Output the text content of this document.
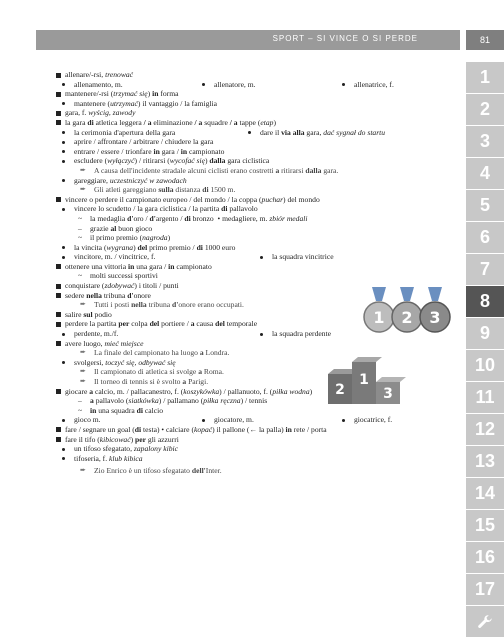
SPORT – SI VINCE O SI PERDE	81
1
2
3
4
5
6
7
8
9
10
11
12
13
14
15
16
17
allenare/-rsi, trenować
allenamento, m.	allenatore, m.	allenatrice, f.
mantenere/-rsi (trzymać się) in forma
mantenere (utrzymać) il vantaggio / la famiglia
gara, f. wyścig, zawody
la gara di atletica leggera / a eliminazione / a squadre / a tappe (etap)
la cerimonia d'apertura della gara	dare il via alla gara, dać sygnał do startu
aprire / affrontare / arbitrare / chiudere la gara
entrare / essere / trionfare in gara / in campionato
escludere (wyłączyć) / ritirarsi (wycofać się) dalla gara ciclistica
➨ A causa dell'incidente stradale alcuni ciclisti erano costretti a ritirarsi dalla gara.
gareggiare, uczestniczyć w zawodach
➨ Gli atleti gareggiano sulla distanza di 1500 m.
vincere o perdere il campionato europeo / del mondo / la coppa (puchar) del mondo
vincere lo scudetto / la gara ciclistica / la partita di pallavolo
~ la medaglia d'oro / d'argento / di bronzo  • medagliere, m. zbiór medali
– grazie al buon gioco
~ il primo premio (nagroda)
la vincita (wygrana) del primo premio / di 1000 euro
vincitore, m. / vincitrice, f.	la squadra vincitrice
ottenere una vittoria in una gara / in campionato
~ molti successi sportivi
conquistare (zdobywać) i titoli / punti
sedere nella tribuna d'onore
➨ Tutti i posti nella tribuna d'onore erano occupati.
salire sul podio
perdere la partita per colpa del portiere / a causa del temporale
perdente, m./f.	la squadra perdente
avere luogo, mieć miejsce
➨ La finale del campionato ha luogo a Londra.
svolgersi, toczyć się, odbywać się
➨ Il campionato di atletica si svolge a Roma.
➨ Il torneo di tennis si è svolto a Parigi.
giocare a calcio, m. / pallacanestro, f. (koszykówka) / pallanuoto, f. (piłka wodna)
– a pallavolo (siatkówka) / pallamano (piłka ręczna) / tennis
~ in una squadra di calcio
gioco m.	giocatore, m.	giocatrice, f.
fare / segnare un goal (di testa) • calciare (kopać) il pallone (← la palla) in rete / porta
fare il tifo (kibicować) per gli azzurri
un tifoso sfegatato, zapalony kibic
tifoseria, f. klub kibica
➨ Zio Enrico è un tifoso sfegatato dell'Inter.
1 2 3
2
1
3
